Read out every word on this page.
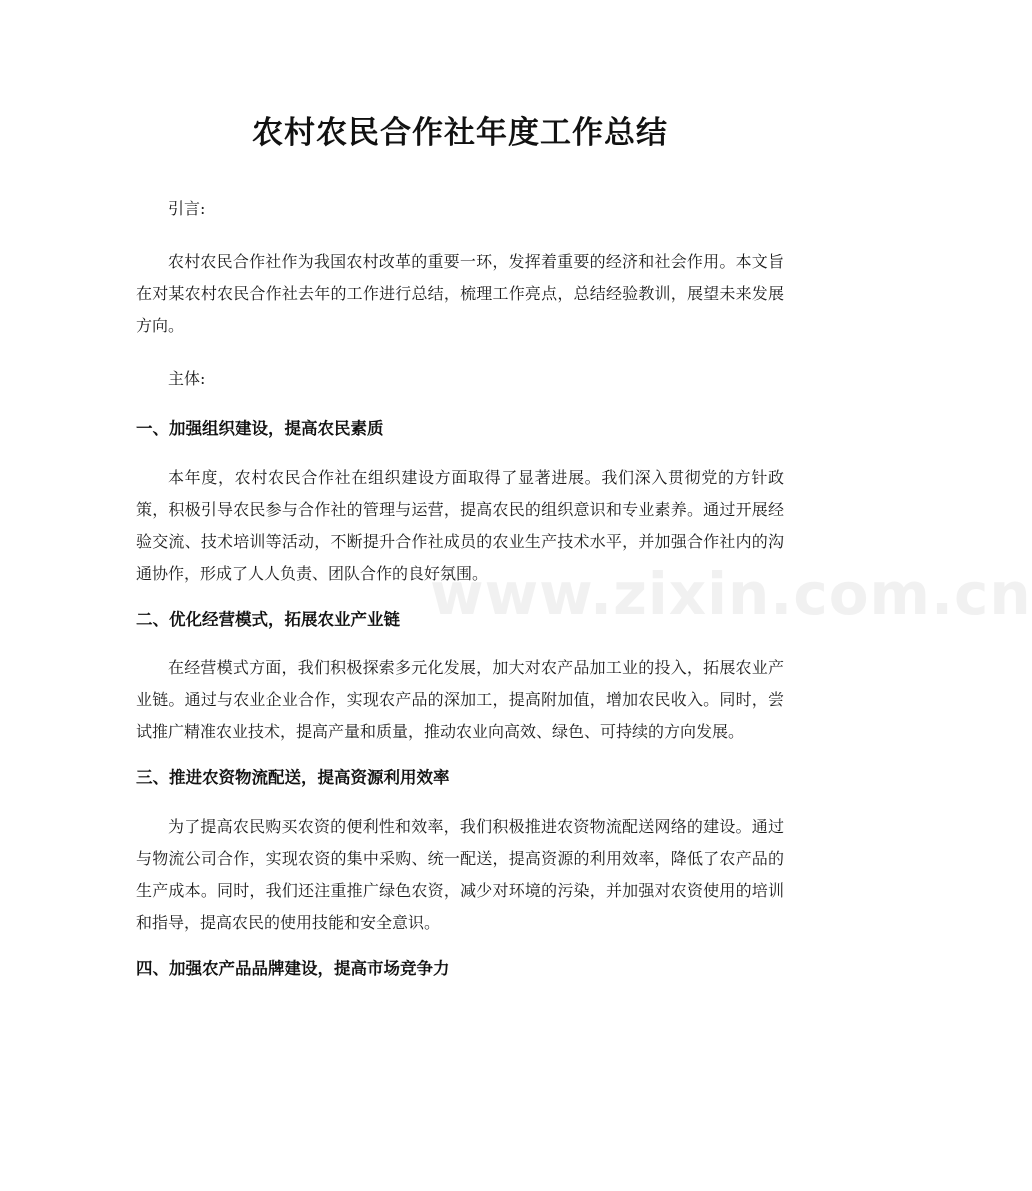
www.zixin.com.cn
农村农民合作社年度工作总结

引言:

农村农民合作社作为我国农村改革的重要一环，发挥着重要的经济和社会作用。本文旨在对某农村农民合作社去年的工作进行总结，梳理工作亮点，总结经验教训，展望未来发展方向。

主体:

一、加强组织建设，提高农民素质

本年度，农村农民合作社在组织建设方面取得了显著进展。我们深入贯彻党的方针政策，积极引导农民参与合作社的管理与运营，提高农民的组织意识和专业素养。通过开展经验交流、技术培训等活动，不断提升合作社成员的农业生产技术水平，并加强合作社内的沟通协作，形成了人人负责、团队合作的良好氛围。

二、优化经营模式，拓展农业产业链

在经营模式方面，我们积极探索多元化发展，加大对农产品加工业的投入，拓展农业产业链。通过与农业企业合作，实现农产品的深加工，提高附加值，增加农民收入。同时，尝试推广精准农业技术，提高产量和质量，推动农业向高效、绿色、可持续的方向发展。

三、推进农资物流配送，提高资源利用效率

为了提高农民购买农资的便利性和效率，我们积极推进农资物流配送网络的建设。通过与物流公司合作，实现农资的集中采购、统一配送，提高资源的利用效率，降低了农产品的生产成本。同时，我们还注重推广绿色农资，减少对环境的污染，并加强对农资使用的培训和指导，提高农民的使用技能和安全意识。

四、加强农产品品牌建设，提高市场竞争力
